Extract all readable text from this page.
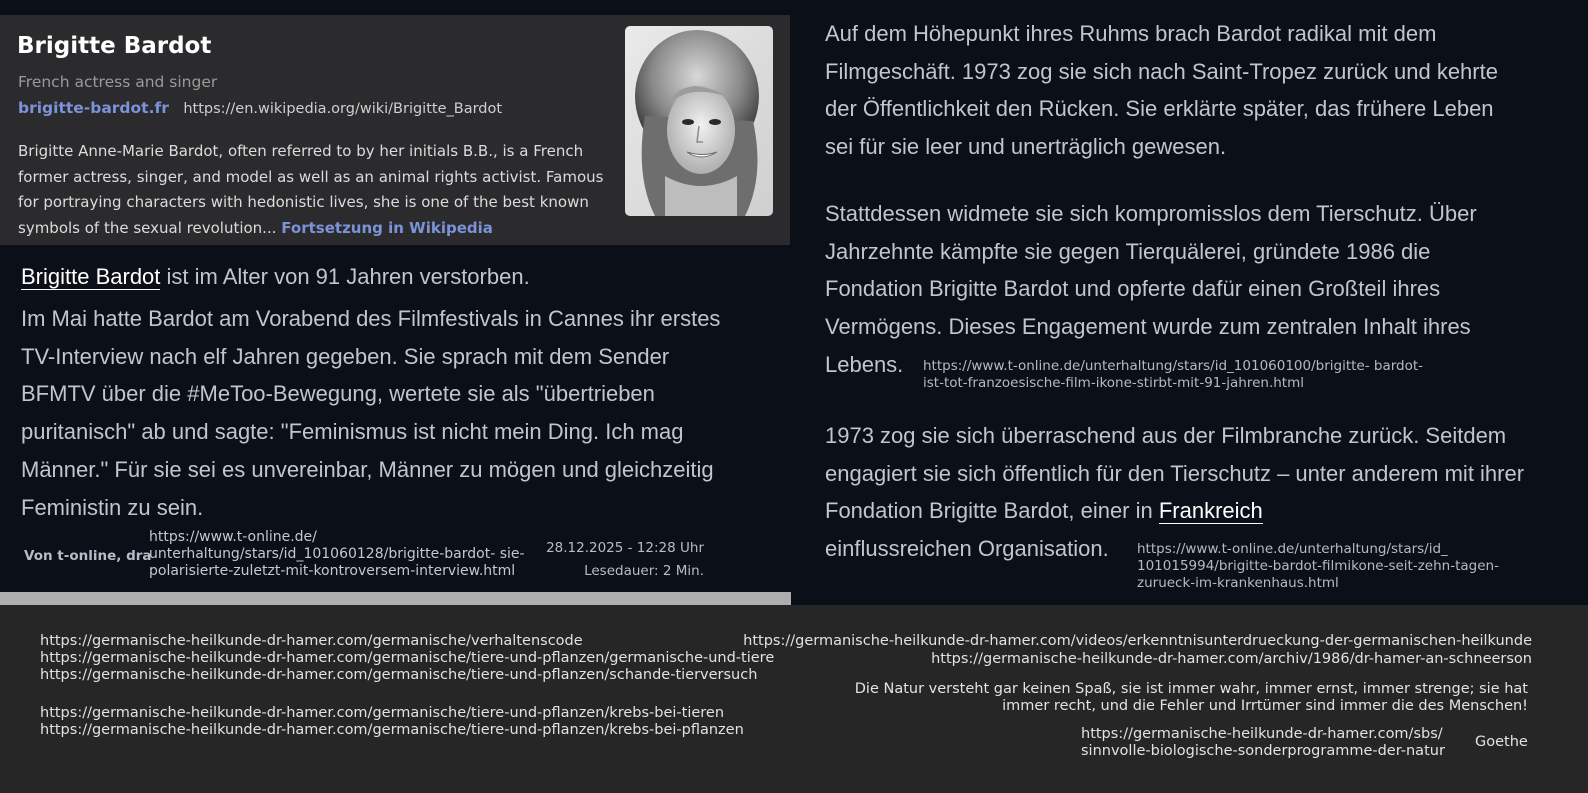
Brigitte Bardot
French actress and singer
brigitte-bardot.fr https://en.wikipedia.org/wiki/Brigitte_Bardot
Brigitte Anne-Marie Bardot, often referred to by her initials B.B., is a French former actress, singer, and model as well as an animal rights activist. Famous for portraying characters with hedonistic lives, she is one of the best known symbols of the sexual revolution... Fortsetzung in Wikipedia

Brigitte Bardot ist im Alter von 91 Jahren verstorben.

Im Mai hatte Bardot am Vorabend des Filmfestivals in Cannes ihr erstes TV-Interview nach elf Jahren gegeben. Sie sprach mit dem Sender BFMTV über die #MeToo-Bewegung, wertete sie als "übertrieben puritanisch" ab und sagte: "Feminismus ist nicht mein Ding. Ich mag Männer." Für sie sei es unvereinbar, Männer zu mögen und gleichzeitig Feministin zu sein.

Von t-online, dra
https://www.t-online.de/ unterhaltung/stars/id_101060128/brigitte-bardot- sie-polarisierte-zuletzt-mit-kontroversem-interview.html
28.12.2025 - 12:28 Uhr
Lesedauer: 2 Min.
Auf dem Höhepunkt ihres Ruhms brach Bardot radikal mit dem Filmgeschäft. 1973 zog sie sich nach Saint-Tropez zurück und kehrte der Öffentlichkeit den Rücken. Sie erklärte später, das frühere Leben sei für sie leer und unerträglich gewesen.
Stattdessen widmete sie sich kompromisslos dem Tierschutz. Über Jahrzehnte kämpfte sie gegen Tierquälerei, gründete 1986 die Fondation Brigitte Bardot und opferte dafür einen Großteil ihres Vermögens. Dieses Engagement wurde zum zentralen Inhalt ihres
Lebens. https://www.t-online.de/unterhaltung/stars/id_101060100/brigitte- bardot-ist-tot-franzoesische-film-ikone-stirbt-mit-91-jahren.html
1973 zog sie sich überraschend aus der Filmbranche zurück. Seitdem engagiert sie sich öffentlich für den Tierschutz – unter anderem mit ihrer Fondation Brigitte Bardot, einer in Frankreich
einflussreichen Organisation. https://www.t-online.de/unterhaltung/stars/id_ 101015994/brigitte-bardot-filmikone-seit-zehn-tagen- zurueck-im-krankenhaus.html
https://germanische-heilkunde-dr-hamer.com/germanische/verhaltenscode
https://germanische-heilkunde-dr-hamer.com/germanische/tiere-und-pflanzen/germanische-und-tiere
https://germanische-heilkunde-dr-hamer.com/germanische/tiere-und-pflanzen/schande-tierversuch
https://germanische-heilkunde-dr-hamer.com/germanische/tiere-und-pflanzen/krebs-bei-tieren
https://germanische-heilkunde-dr-hamer.com/germanische/tiere-und-pflanzen/krebs-bei-pflanzen
https://germanische-heilkunde-dr-hamer.com/videos/erkenntnisunterdrueckung-der-germanischen-heilkunde
https://germanische-heilkunde-dr-hamer.com/archiv/1986/dr-hamer-an-schneerson
Die Natur versteht gar keinen Spaß, sie ist immer wahr, immer ernst, immer strenge; sie hat immer recht, und die Fehler und Irrtümer sind immer die des Menschen!
https://germanische-heilkunde-dr-hamer.com/sbs/ sinnvolle-biologische-sonderprogramme-der-natur
Goethe
